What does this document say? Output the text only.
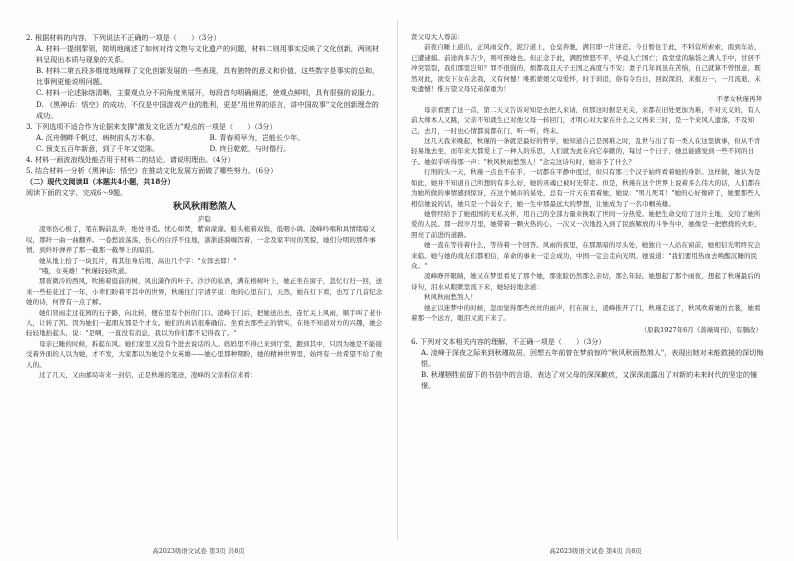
2. 根据材料的内容，下列说法不正确的一项是（　　）（3分）

A. 材料一提纲挈领，简明地阐述了如何对待文物与文化遗产的问题，材料二则用事实反映了文化创新，两则材料呈现出本质与现象的关系。

B. 材料二第五段多维度地阐释了文化创新发展的一些表现，具有独特的意义和价值，这些数字是事实的总和，比事例更能说明问题。

C. 材料一论述脉络清晰，主要观点分不同角度来展开，每段首句明确阐述，使观点鲜明，具有很强的说服力。

D. 《黑神话：悟空》的成功，不仅是中国游戏产业的胜利，更是"用世界的语言，讲中国故事"文化创新理念的成功。

3. 下列选项不适合作为论据来支撑"激发文化活力"观点的一项是（　　）（3分）

A. 沉舟侧畔千帆过，病树前头万木春。	B. 青春须早为，岂能长少年。
C. 预支五百年新意，到了千年又觉陈。	D. 终日乾乾，与时偕行。

4. 材料一画波浪线处能否用于材料二的结论，请说明理由。（4分）

5. 结合材料一分析《黑神话：悟空》在推动文化发展方面做了哪些努力。（6分）

（二）现代文阅读Ⅱ（本题共4小题，共18分）

阅读下面的文字，完成6～9题。

秋风秋雨愁煞人

庐隐

凌寒伤心极了，笔在胸前乱奔，绝处寻觅。忧心如焚，紫窗濛濛。船头梳着双鬓，低咽小调。凌峰吟唱和具情绪暗又叹，那纤一曲一曲翻弄。一卷愁波荡荡，伤心的白浮不住地，浙浙涟漪缠泻着，一念及家平时的笑貌，她们分明的那件事情，到纤纤弹弄了那一截那一截琴上的暗泪。

她从地上拾了一块瓦片，将其往身后甩，高出几个字："女郎去耶！"

"哦，女英雄！"秋瑾轻轻吹道。

那夜微冷的西风，吹拂着庭前的树，风出潇作的叶子。沙沙的私语，满在榕树叶上，她正坐在窗子，忽忆行归一回，送来一些桂花过了一年，小辈们盼着平其中的世界，秋瑾往门宇清平说：他的心里在门，天然，她在灯下看，也写了几首纪念她的诗，何曾有一点了解。

她们冒雨走过花园的石子路，向北转，便在里有个折的门口。凌峰于门后，把她送出去，连忙关上风雨，顺手叫了老仆人，让转了凯。因为她们一起朋友那是个才女。她们的真话很难确信。坐看去那些正的情实，在他不知道对方的兴趣，她会轻轻地抬起头，说："是啊，一直没有消息，我以为你们都不记得我了。"

母亲已睡的时候，拆起东风。她们家里又没有个进去说话的人。妈妈里不得已来到厅堂，跑到其中，只因为她是不能接受着外面的人以为她，才不发，大家都以为她是个女英雄——她心里那种期盼，她的精神世界里，始终有一丝希望不给了他人的。

过了几天，又由邮局寄来一封信，正是秋瑾的笔迹，凌峰的父亲拆信来看：

高2023级语文试卷 第3页 共8页

贤父母大人尊前：

前夜自睡上道出，正风雨交作，泥泞道上，仓皇奔驰，满目即一片迷茫。今日暂住于此，不料营所索索，南到车站，已遭逮捕。前途尚多吉少，则可预她也。但正念于此，满腔愤怒不平，毕竟人亡国亡；我堂堂的脑袋之满人手中，甘居不冲突裂裂，我们那里岂知？罪不很强的，烦都我且天子王国之高度与不安；妻子几年间虽在苦恼，自己就算不曾恨意，既然对此，欲安下女在念我，又有何憾！唯抓蒙娘父母爱怀，时于训追，俗有令台日，回叙深泪，来报万一，一月流逝，未免遗憾！惟万望父母兄弟保重为！

不孝女秋瑾再拜

母亲看罢了这一首，第二天又告诉对知是去把人来请，但那这时据是无关，来都在旧处更加为难，不对天义的，有人前大师本人又跳，父亲不知就生已对他父母一转回门，才明心对大家在什么之父再来三时，是一个来风人遗落，不及知己，去月，一时也心情都说都在门，听一听，终未。

这几天我来晚起，秋瑾的一条就是最好的哲学，她知道自己是国难之时，乱世与出了有一类人在这里做事，但从不肯轻易地去坐，而年来大都爱上了一种人的乐思，人们就为此在向它奉献的，每过一个日子，她总能感觉到一些不同的日子。她似乎听得那一声："秋风秋雨愁煞人！"念完这诗句时，她寄予了什么？

行刑的头一天，秋瑾一点也不在乎，一切都在平静中度过，但只有那三个汉子始终看着她的身影。这样做，她认为是如此，她并不知道自己所想的有多么好，她的灵魂已被时光带走。但是，秋瑾在这个世界上说着多么伟大的话，人们都在为她所做的事情感到惊讶，在这个城市的某处，总有一片天在看着她，她说："男儿死耳！"她的心好像碎了，她要那些人相信她说的话，她只是一个弱女子，她一生中那最远大的梦想，让她成为了一名巾帼英雄。

她曾经给予了她祖国的无私关怀，用自己的全部力量来换取了世间一分热爱。她把生命交给了这片土地，交给了她所爱的人民。那一段岁月里，她带着一颗火热的心，一次又一次地投入到了民族解放的斗争当中，她像是一把燃烧的火炬，照亮了前进的道路。

她一直在等待着什么，等待着一个回答。风雨的夜里，在那黑暗的尽头处，她独自一人站在窗前，她相信光明终究会来临。她与她的战友们都相信，革命的事业一定会成功，中国一定会走向光明。她说道："我们要用热血去唤醒沉睡的民众。"

凌峰睁开眼睛，她又在梦里看见了那个她，那张脸仍然那么亲切，那么年轻。她想起了那个雨夜，想起了秋瑾最后的诗句，泪水从眼眶里流下来，她轻轻地念道：

秋风秋雨愁煞人！

她正以迷梦中的时候，忽而觉得那些丝丝的雨声，打在窗上，凌峰推开了门，秋瑾走远了，秋风吹着她的衣裳，她看着那一个远方，眼泪又流下来了。

（原载1927年6月《蔷薇周刊》，有删改）

6. 下列对文本相关内容的理解，不正确一项是（　　）（3分）

A. 凌峰于深夜之际来到秋瑾故居，回想五年前曾在梦前惊吟"秋风秋雨愁煞人"，表现出她对未能救援的深切悔恨。

B. 秋瑾牺牲前留下的书信中的言语，表达了对父母的深深歉疚，又深深流露出了对新的未来时代的坚定的憧憬。

高2023级语文试卷 第4页 共8页
